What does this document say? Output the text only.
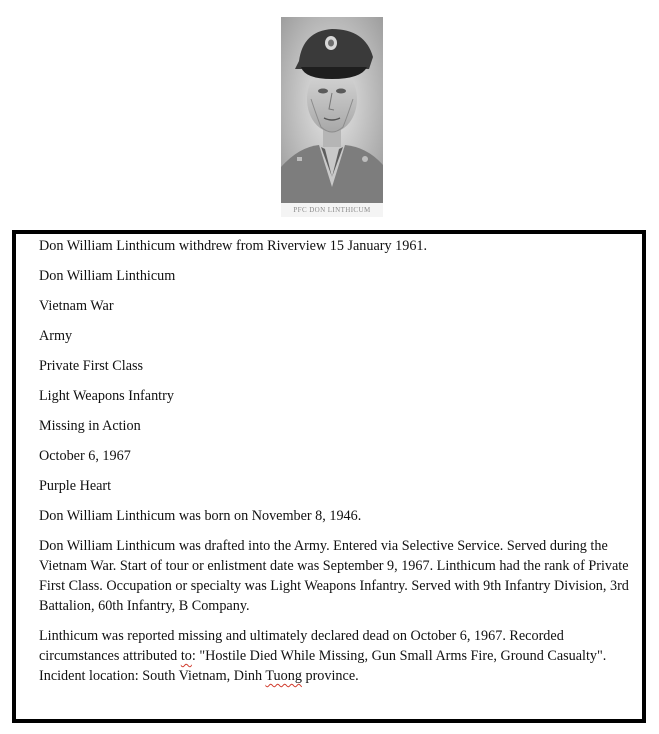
PFC DON LINTHICUM

Don William Linthicum withdrew from Riverview 15 January 1961.

Don William Linthicum

Vietnam War

Army

Private First Class

Light Weapons Infantry

Missing in Action

October 6, 1967

Purple Heart

Don William Linthicum was born on November 8, 1946.

Don William Linthicum was drafted into the Army. Entered via Selective Service. Served during the Vietnam War. Start of tour or enlistment date was September 9, 1967. Linthicum had the rank of Private First Class. Occupation or specialty was Light Weapons Infantry. Served with 9th Infantry Division, 3rd Battalion, 60th Infantry, B Company.

Linthicum was reported missing and ultimately declared dead on October 6, 1967. Recorded circumstances attributed to: "Hostile Died While Missing, Gun Small Arms Fire, Ground Casualty". Incident location: South Vietnam, Dinh Tuong province.
